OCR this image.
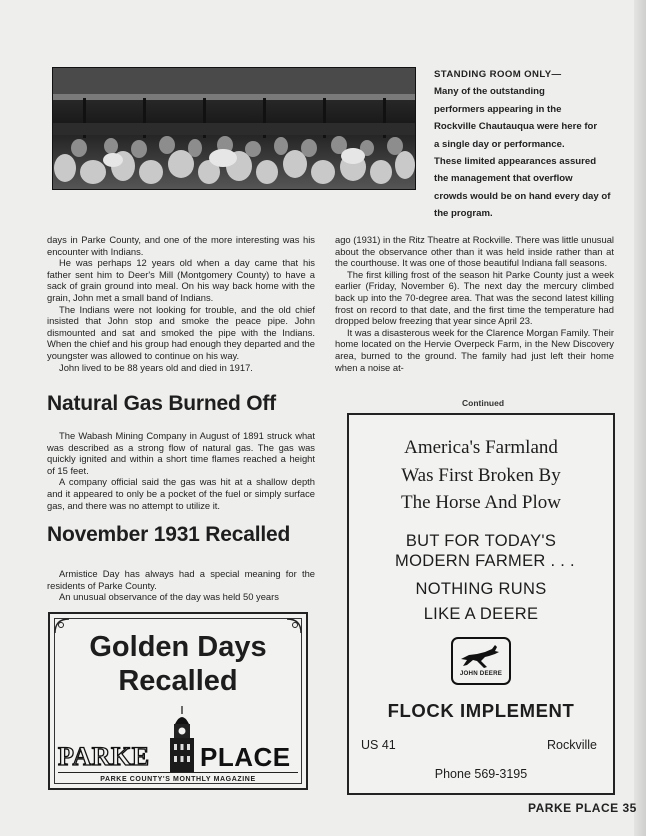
STANDING ROOM ONLY—
Many of the outstanding
performers appearing in the
Rockville Chautauqua were here for
a single day or performance.
These limited appearances assured
the management that overflow
crowds would be on hand every day of
the program.

days in Parke County, and one of the more interesting was his encounter with Indians.

He was perhaps 12 years old when a day came that his father sent him to Deer's Mill (Montgomery County) to have a sack of grain ground into meal. On his way back home with the grain, John met a small band of Indians.

The Indians were not looking for trouble, and the old chief insisted that John stop and smoke the peace pipe. John dismounted and sat and smoked the pipe with the Indians. When the chief and his group had enough they departed and the youngster was allowed to continue on his way.

John lived to be 88 years old and died in 1917.

Natural Gas Burned Off

The Wabash Mining Company in August of 1891 struck what was described as a strong flow of natural gas. The gas was quickly ignited and within a short time flames reached a height of 15 feet.

A company official said the gas was hit at a shallow depth and it appeared to only be a pocket of the fuel or simply surface gas, and there was no attempt to utilize it.

November 1931 Recalled

Armistice Day has always had a special meaning for the residents of Parke County.

An unusual observance of the day was held 50 years

ago (1931) in the Ritz Theatre at Rockville. There was little unusual about the observance other than it was held inside rather than at the courthouse. It was one of those beautiful Indiana fall seasons.

The first killing frost of the season hit Parke County just a week earlier (Friday, November 6). The next day the mercury climbed back up into the 70-degree area. That was the second latest killing frost on record to that date, and the first time the temperature had dropped below freezing that year since April 23.

It was a disasterous week for the Clarence Morgan Family. Their home located on the Hervie Overpeck Farm, in the New Discovery area, burned to the ground. The family had just left their home when a noise at-

Continued
Golden Days
Recalled
PARKE PLACE
PARKE COUNTY'S MONTHLY MAGAZINE
America's Farmland
Was First Broken By
The Horse And Plow
BUT FOR TODAY'S
MODERN FARMER . . .
NOTHING RUNS
LIKE A DEERE
JOHN DEERE
FLOCK IMPLEMENT
US 41	Rockville
Phone 569-3195
PARKE PLACE 35
